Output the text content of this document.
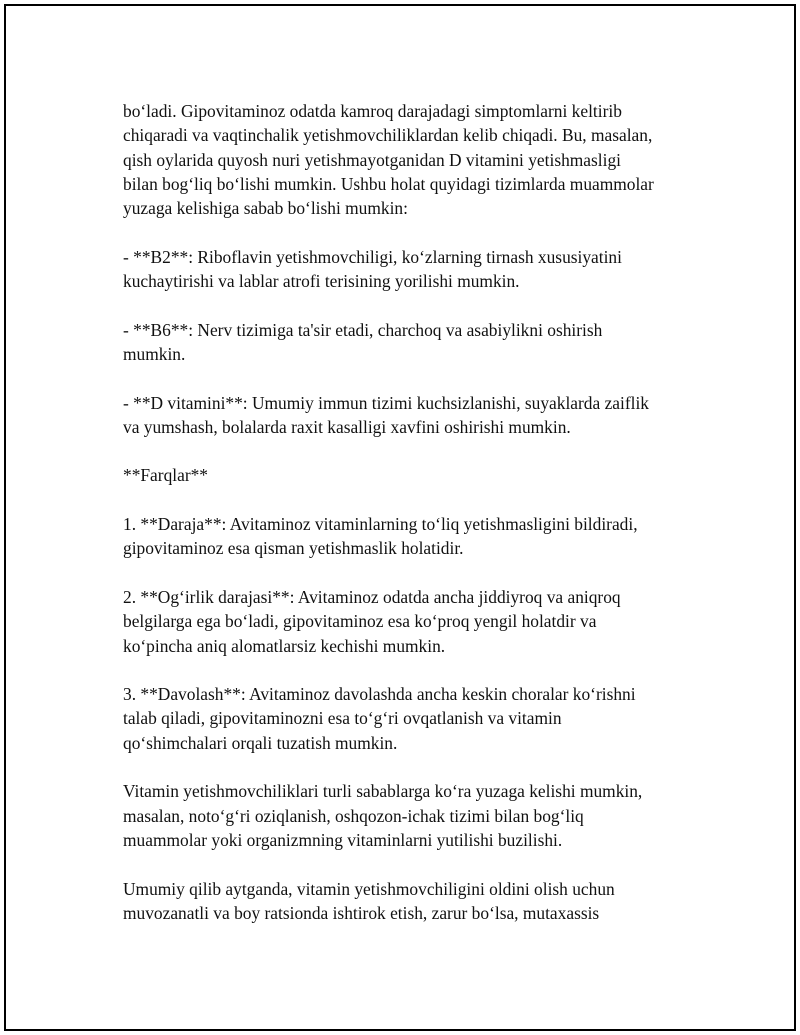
bo‘ladi. Gipovitaminoz odatda kamroq darajadagi simptomlarni keltirib
chiqaradi va vaqtinchalik yetishmovchiliklardan kelib chiqadi. Bu, masalan,
qish oylarida quyosh nuri yetishmayotganidan D vitamini yetishmasligi
bilan bog‘liq bo‘lishi mumkin. Ushbu holat quyidagi tizimlarda muammolar
yuzaga kelishiga sabab bo‘lishi mumkin:

- **B2**: Riboflavin yetishmovchiligi, ko‘zlarning tirnash xususiyatini
kuchaytirishi va lablar atrofi terisining yorilishi mumkin.

- **B6**: Nerv tizimiga ta'sir etadi, charchoq va asabiylikni oshirish
mumkin.

- **D vitamini**: Umumiy immun tizimi kuchsizlanishi, suyaklarda zaiflik
va yumshash, bolalarda raxit kasalligi xavfini oshirishi mumkin.

**Farqlar**

1. **Daraja**: Avitaminoz vitaminlarning to‘liq yetishmasligini bildiradi,
gipovitaminoz esa qisman yetishmaslik holatidir.

2. **Og‘irlik darajasi**: Avitaminoz odatda ancha jiddiyroq va aniqroq
belgilarga ega bo‘ladi, gipovitaminoz esa ko‘proq yengil holatdir va
ko‘pincha aniq alomatlarsiz kechishi mumkin.

3. **Davolash**: Avitaminoz davolashda ancha keskin choralar ko‘rishni
talab qiladi, gipovitaminozni esa to‘g‘ri ovqatlanish va vitamin
qo‘shimchalari orqali tuzatish mumkin.

Vitamin yetishmovchiliklari turli sabablarga ko‘ra yuzaga kelishi mumkin,
masalan, noto‘g‘ri oziqlanish, oshqozon-ichak tizimi bilan bog‘liq
muammolar yoki organizmning vitaminlarni yutilishi buzilishi.

Umumiy qilib aytganda, vitamin yetishmovchiligini oldini olish uchun
muvozanatli va boy ratsionda ishtirok etish, zarur bo‘lsa, mutaxassis
